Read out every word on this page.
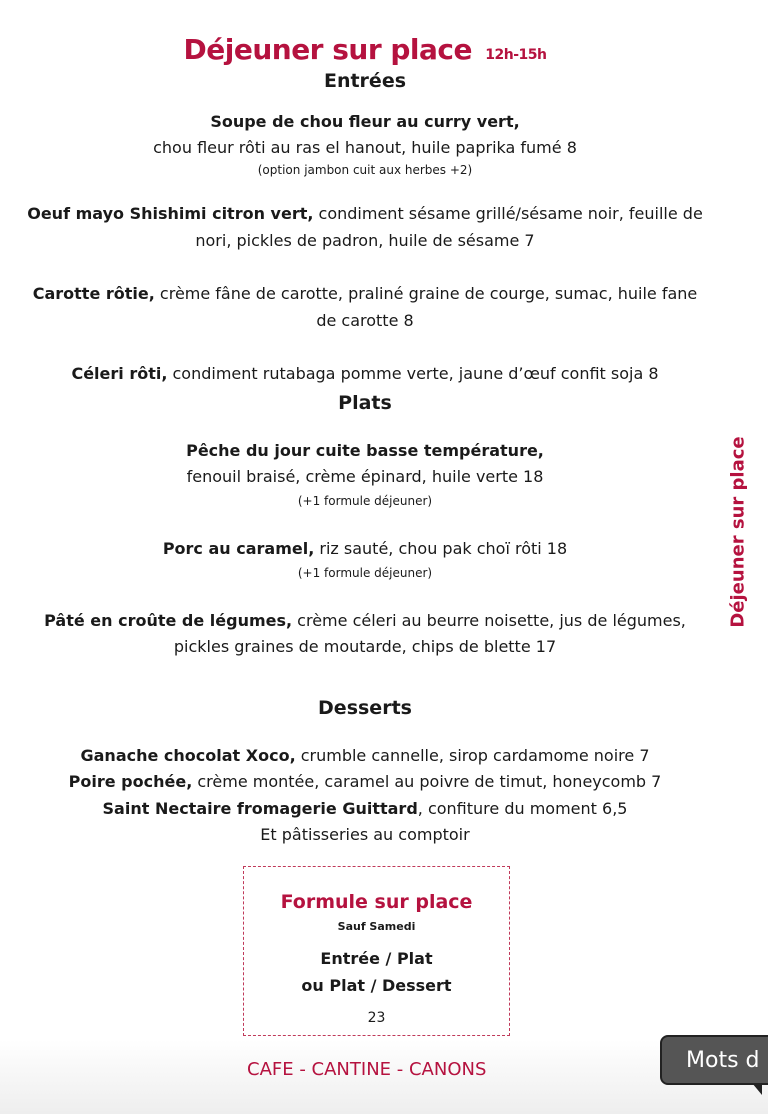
Déjeuner sur place 12h-15h
Entrées
Soupe de chou fleur au curry vert,
chou fleur rôti au ras el hanout, huile paprika fumé 8
(option jambon cuit aux herbes +2)
Oeuf mayo Shishimi citron vert, condiment sésame grillé/sésame noir, feuille de
nori, pickles de padron, huile de sésame 7
Carotte rôtie, crème fâne de carotte, praliné graine de courge, sumac, huile fane
de carotte 8
Céleri rôti, condiment rutabaga pomme verte, jaune d’œuf confit soja 8
Plats
Pêche du jour cuite basse température,
fenouil braisé, crème épinard, huile verte 18
(+1 formule déjeuner)
Porc au caramel, riz sauté, chou pak choï rôti 18
(+1 formule déjeuner)
Pâté en croûte de légumes, crème céleri au beurre noisette, jus de légumes,
pickles graines de moutarde, chips de blette 17
Desserts
Ganache chocolat Xoco, crumble cannelle, sirop cardamome noire 7
Poire pochée, crème montée, caramel au poivre de timut, honeycomb 7
Saint Nectaire fromagerie Guittard, confiture du moment 6,5
Et pâtisseries au comptoir
Déjeuner sur place
Formule sur place
Sauf Samedi
Entrée / Plat
ou Plat / Dessert
23
CAFE - CANTINE - CANONS	Mots d
